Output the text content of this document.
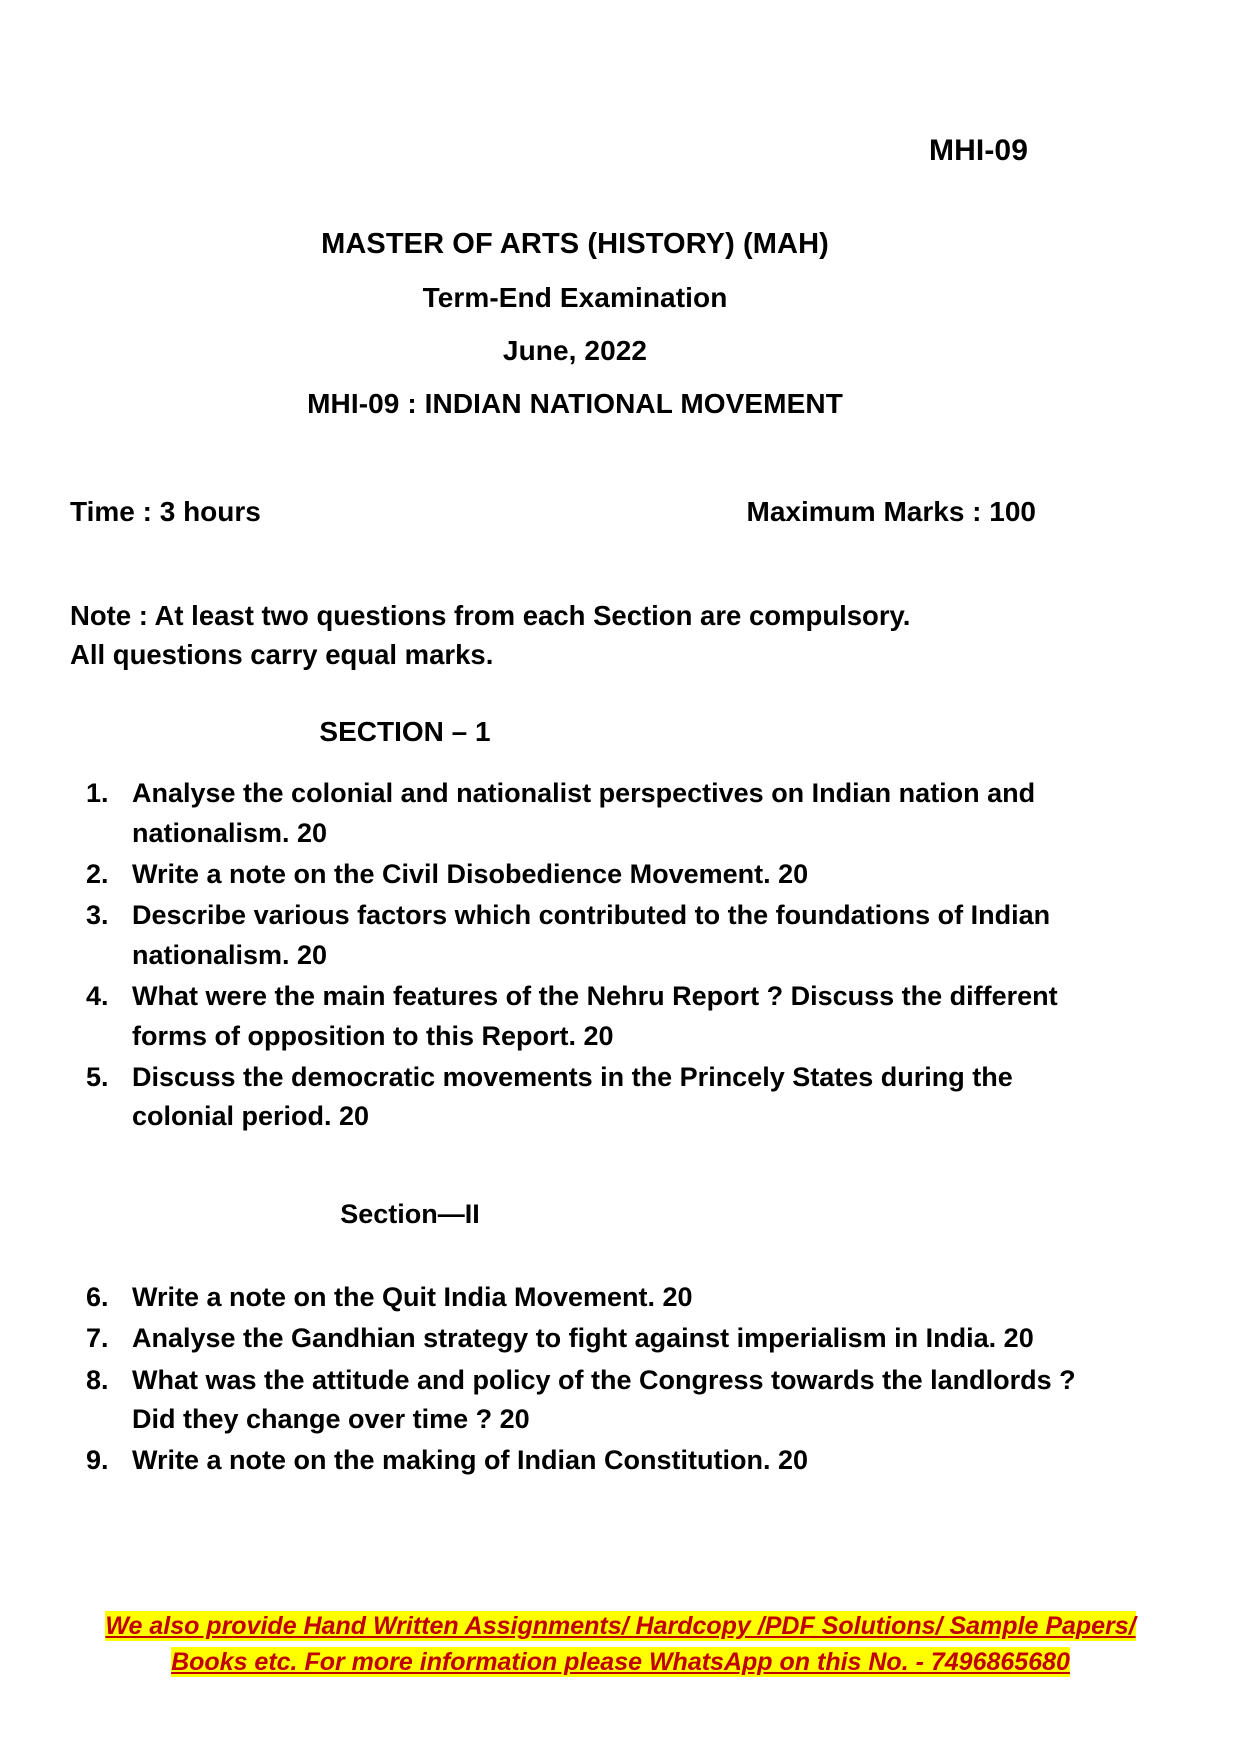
MHI-09
MASTER OF ARTS (HISTORY) (MAH)
Term-End Examination
June, 2022
MHI-09 : INDIAN NATIONAL MOVEMENT
Time : 3 hours	Maximum Marks : 100
Note : At least two questions from each Section are compulsory. All questions carry equal marks.
SECTION – 1
1. Analyse the colonial and nationalist perspectives on Indian nation and nationalism. 20
2. Write a note on the Civil Disobedience Movement. 20
3. Describe various factors which contributed to the foundations of Indian nationalism. 20
4. What were the main features of the Nehru Report ? Discuss the different forms of opposition to this Report. 20
5. Discuss the democratic movements in the Princely States during the colonial period. 20
Section—II
6. Write a note on the Quit India Movement. 20
7. Analyse the Gandhian strategy to fight against imperialism in India. 20
8. What was the attitude and policy of the Congress towards the landlords ? Did they change over time ? 20
9. Write a note on the making of Indian Constitution. 20
We also provide Hand Written Assignments/ Hardcopy /PDF Solutions/ Sample Papers/
Books etc. For more information please WhatsApp on this No. - 7496865680
